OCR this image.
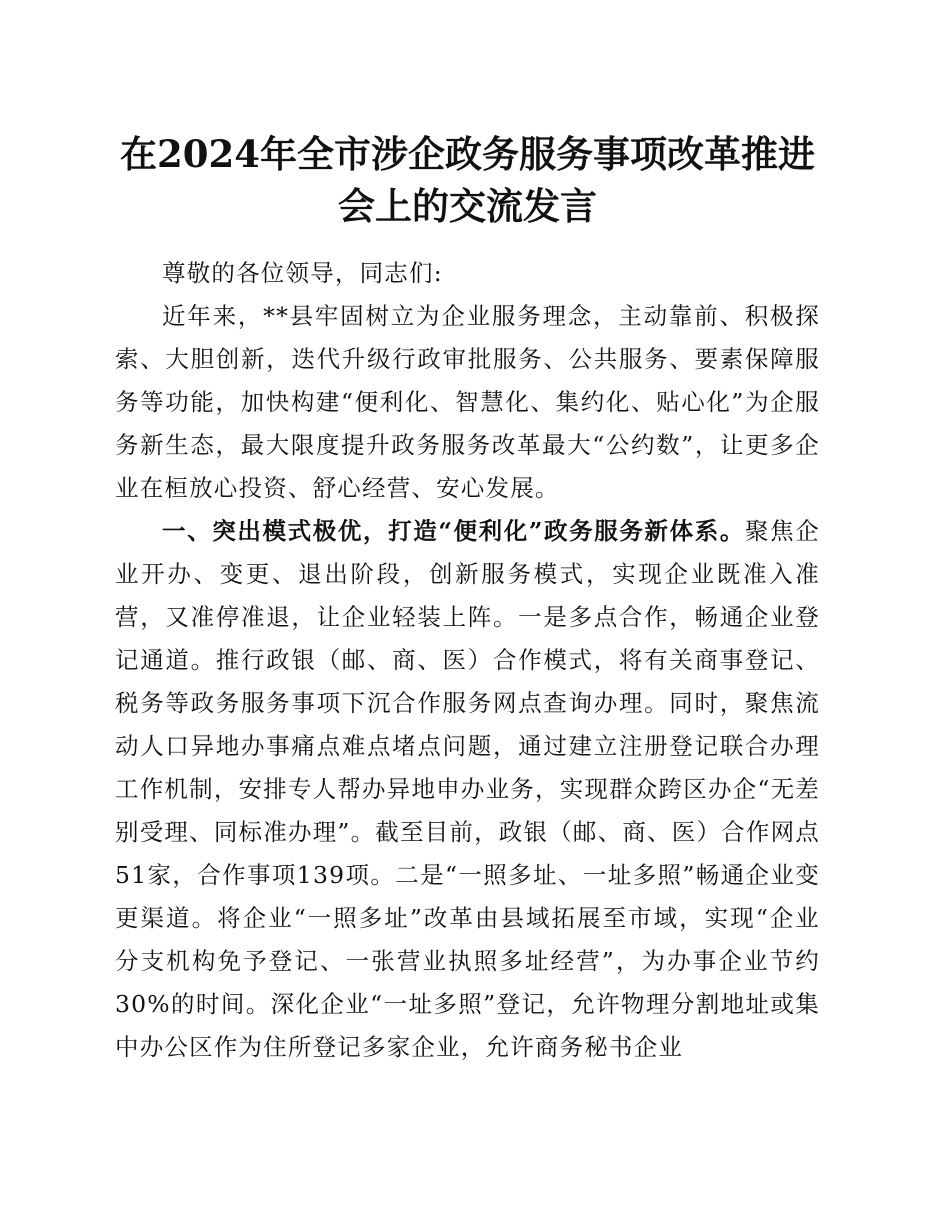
在2024年全市涉企政务服务事项改革推进会上的交流发言

尊敬的各位领导，同志们:

近年来，**县牢固树立为企业服务理念，主动靠前、积极探索、大胆创新，迭代升级行政审批服务、公共服务、要素保障服务等功能，加快构建“便利化、智慧化、集约化、贴心化”为企服务新生态，最大限度提升政务服务改革最大“公约数”，让更多企业在桓放心投资、舒心经营、安心发展。

一、突出模式极优，打造“便利化”政务服务新体系。聚焦企业开办、变更、退出阶段，创新服务模式，实现企业既准入准营，又准停准退，让企业轻装上阵。一是多点合作，畅通企业登记通道。推行政银（邮、商、医）合作模式，将有关商事登记、税务等政务服务事项下沉合作服务网点查询办理。同时，聚焦流动人口异地办事痛点难点堵点问题，通过建立注册登记联合办理工作机制，安排专人帮办异地申办业务，实现群众跨区办企“无差别受理、同标准办理”。截至目前，政银（邮、商、医）合作网点51家，合作事项139项。二是“一照多址、一址多照”畅通企业变更渠道。将企业“一照多址”改革由县域拓展至市域，实现“企业分支机构免予登记、一张营业执照多址经营”，为办事企业节约30%的时间。深化企业“一址多照”登记，允许物理分割地址或集中办公区作为住所登记多家企业，允许商务秘书企业
